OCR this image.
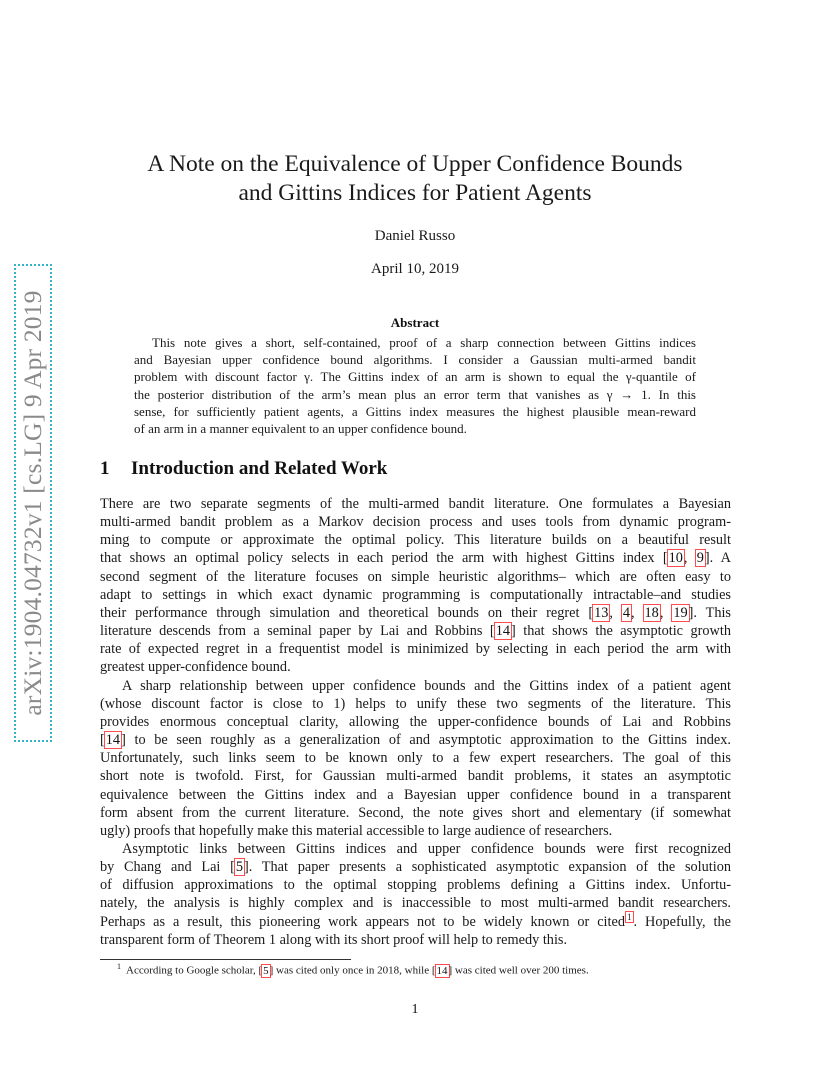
arXiv:1904.04732v1 [cs.LG] 9 Apr 2019
A Note on the Equivalence of Upper Confidence Bounds
and Gittins Indices for Patient Agents
Daniel Russo
April 10, 2019
Abstract
This note gives a short, self-contained, proof of a sharp connection between Gittins indices
and Bayesian upper confidence bound algorithms. I consider a Gaussian multi-armed bandit
problem with discount factor γ. The Gittins index of an arm is shown to equal the γ-quantile of
the posterior distribution of the arm’s mean plus an error term that vanishes as γ → 1. In this
sense, for sufficiently patient agents, a Gittins index measures the highest plausible mean-reward
of an arm in a manner equivalent to an upper confidence bound.
1 Introduction and Related Work
There are two separate segments of the multi-armed bandit literature. One formulates a Bayesian
multi-armed bandit problem as a Markov decision process and uses tools from dynamic program-
ming to compute or approximate the optimal policy. This literature builds on a beautiful result
that shows an optimal policy selects in each period the arm with highest Gittins index [10, 9]. A
second segment of the literature focuses on simple heuristic algorithms– which are often easy to
adapt to settings in which exact dynamic programming is computationally intractable–and studies
their performance through simulation and theoretical bounds on their regret [13, 4, 18, 19]. This
literature descends from a seminal paper by Lai and Robbins [14] that shows the asymptotic growth
rate of expected regret in a frequentist model is minimized by selecting in each period the arm with
greatest upper-confidence bound.
A sharp relationship between upper confidence bounds and the Gittins index of a patient agent
(whose discount factor is close to 1) helps to unify these two segments of the literature. This
provides enormous conceptual clarity, allowing the upper-confidence bounds of Lai and Robbins
[14] to be seen roughly as a generalization of and asymptotic approximation to the Gittins index.
Unfortunately, such links seem to be known only to a few expert researchers. The goal of this
short note is twofold. First, for Gaussian multi-armed bandit problems, it states an asymptotic
equivalence between the Gittins index and a Bayesian upper confidence bound in a transparent
form absent from the current literature. Second, the note gives short and elementary (if somewhat
ugly) proofs that hopefully make this material accessible to large audience of researchers.
Asymptotic links between Gittins indices and upper confidence bounds were first recognized
by Chang and Lai [5]. That paper presents a sophisticated asymptotic expansion of the solution
of diffusion approximations to the optimal stopping problems defining a Gittins index. Unfortu-
nately, the analysis is highly complex and is inaccessible to most multi-armed bandit researchers.
Perhaps as a result, this pioneering work appears not to be widely known or cited $^1$ . Hopefully, the
transparent form of Theorem 1 along with its short proof will help to remedy this.
$^1$ According to Google scholar, [5] was cited only once in 2018, while [14] was cited well over 200 times.
1
